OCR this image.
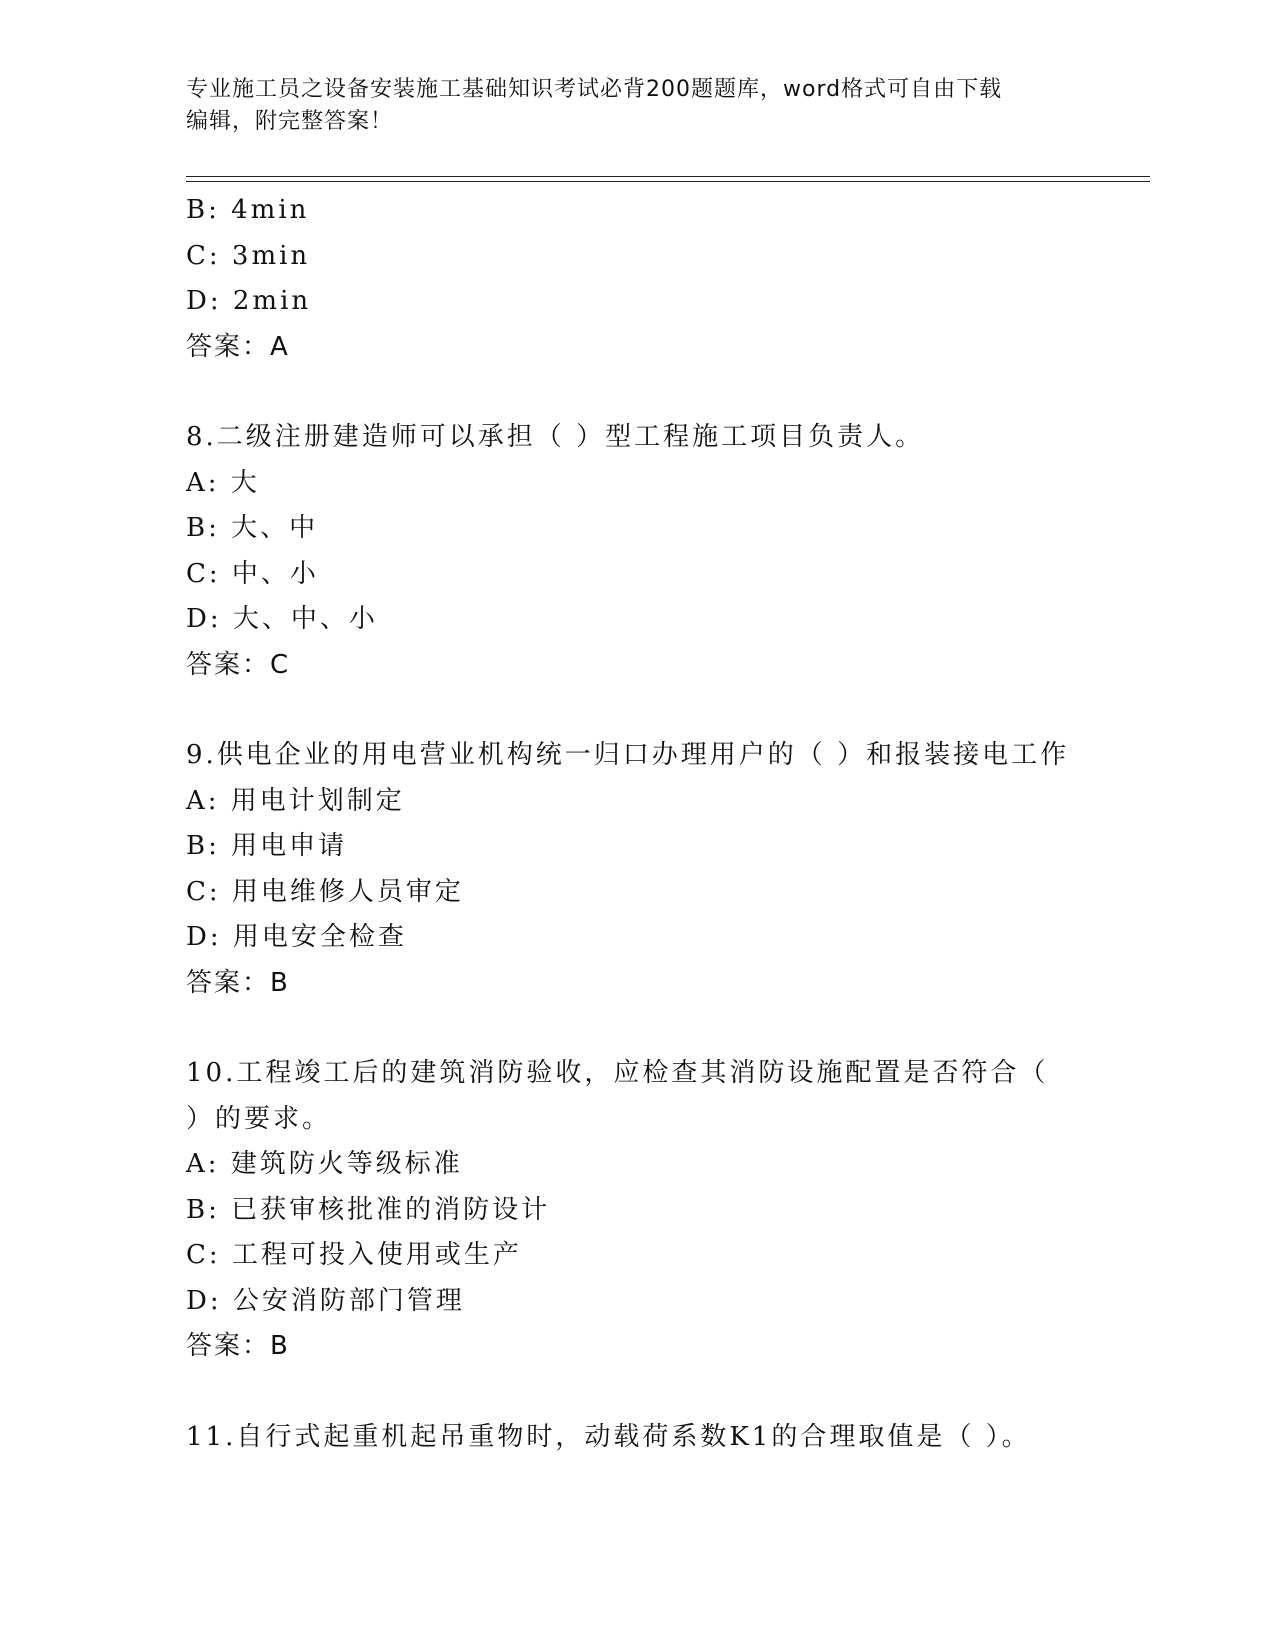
专业施工员之设备安装施工基础知识考试必背200题题库，word格式可自由下载
编辑，附完整答案！
B: 4min
C: 3min
D: 2min
答案：A
8.二级注册建造师可以承担（ ）型工程施工项目负责人。
A: 大
B: 大、中
C: 中、小
D: 大、中、小
答案：C
9.供电企业的用电营业机构统一归口办理用户的（ ）和报装接电工作
A: 用电计划制定
B: 用电申请
C: 用电维修人员审定
D: 用电安全检查
答案：B
10.工程竣工后的建筑消防验收，应检查其消防设施配置是否符合（
）的要求。
A: 建筑防火等级标准
B: 已获审核批准的消防设计
C: 工程可投入使用或生产
D: 公安消防部门管理
答案：B
11.自行式起重机起吊重物时，动载荷系数K1的合理取值是（ ）。
